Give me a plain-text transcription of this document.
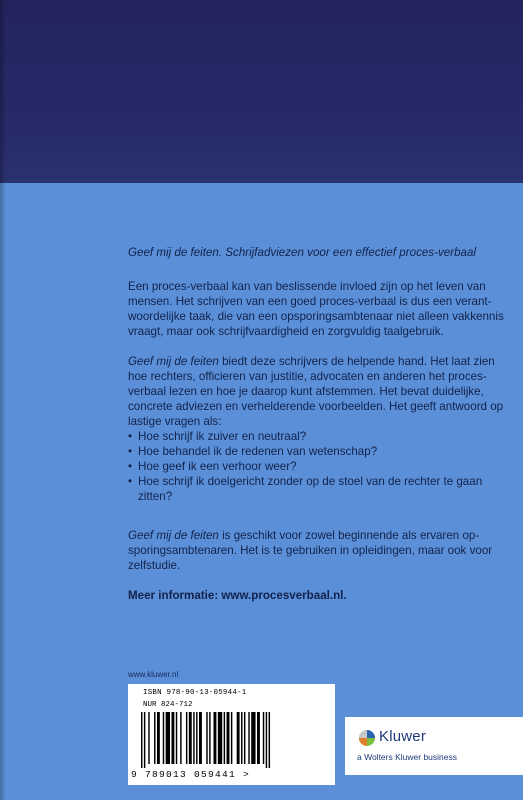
Geef mij de feiten. Schrijfadviezen voor een effectief proces-verbaal

Een proces-verbaal kan van beslissende invloed zijn op het leven van mensen. Het schrijven van een goed proces-verbaal is dus een verantwoordelijke taak, die van een opsporingsambtenaar niet alleen vakkennis vraagt, maar ook schrijfvaardigheid en zorgvuldig taalgebruik.

Geef mij de feiten biedt deze schrijvers de helpende hand. Het laat zien hoe rechters, officieren van justitie, advocaten en anderen het procesverbaal lezen en hoe je daarop kunt afstemmen. Het bevat duidelijke, concrete adviezen en verhelderende voorbeelden. Het geeft antwoord op lastige vragen als:

• Hoe schrijf ik zuiver en neutraal?
• Hoe behandel ik de redenen van wetenschap?
• Hoe geef ik een verhoor weer?
• Hoe schrijf ik doelgericht zonder op de stoel van de rechter te gaan zitten?

Geef mij de feiten is geschikt voor zowel beginnende als ervaren opsporingsambtenaren. Het is te gebruiken in opleidingen, maar ook voor zelfstudie.

Meer informatie: www.procesverbaal.nl.

www.kluwer.nl
ISBN 978-90-13-05944-1
NUR 824-712
9 789013 059441 >
Kluwer
a Wolters Kluwer business
